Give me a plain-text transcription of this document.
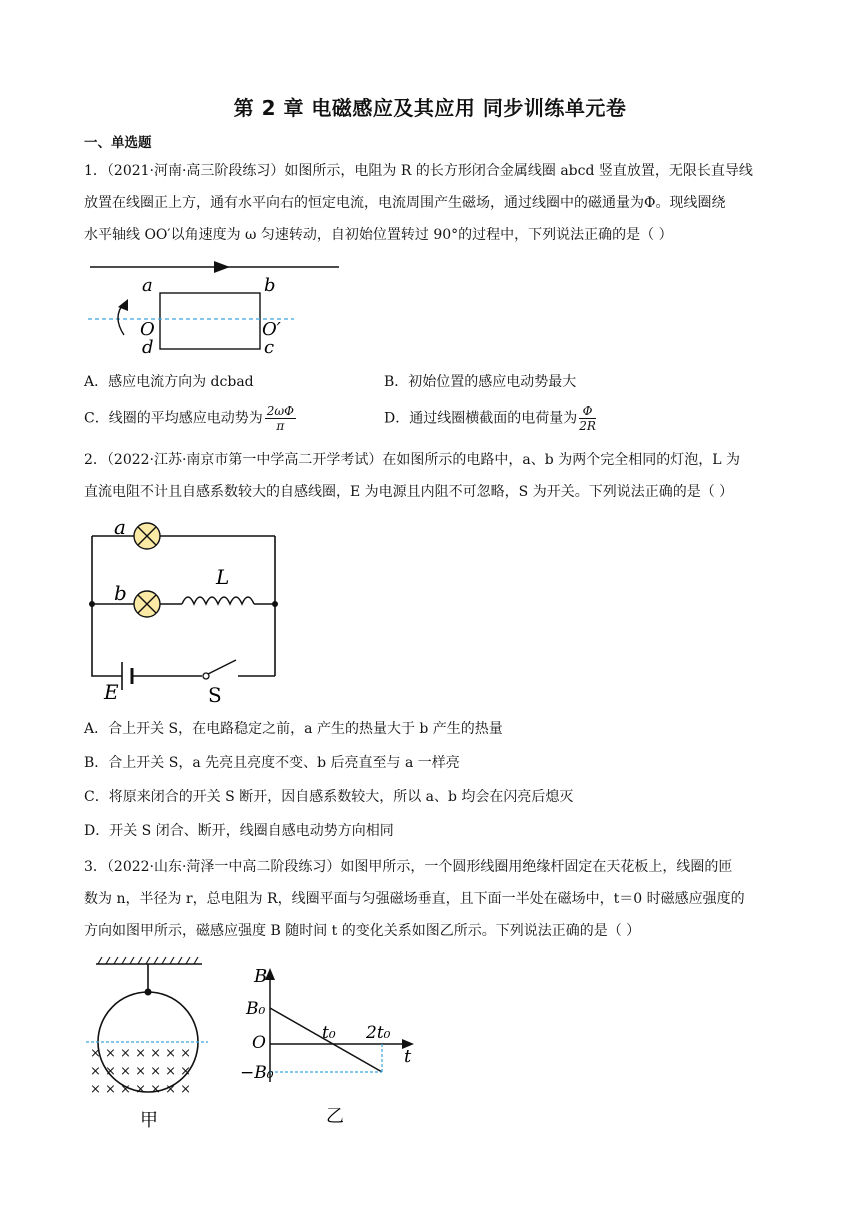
第 2 章 电磁感应及其应用 同步训练单元卷
一、单选题
1．（2021·河南·高三阶段练习）如图所示，电阻为 R 的长方形闭合金属线圈 abcd 竖直放置，无限长直导线
放置在线圈正上方，通有水平向右的恒定电流，电流周围产生磁场，通过线圈中的磁通量为Φ。现线圈绕
水平轴线 OO′以角速度为 ω 匀速转动，自初始位置转过 90°的过程中，下列说法正确的是（ ）
a	b
c
d
O	O′
A．感应电流方向为 dcbad	B．初始位置的感应电动势最大
C．线圈的平均感应电动势为 $\frac{2\omega\Phi}{\pi}$	D．通过线圈横截面的电荷量为 $\frac{\Phi}{2R}$
2．（2022·江苏·南京市第一中学高二开学考试）在如图所示的电路中，a、b 为两个完全相同的灯泡，L 为
直流电阻不计且自感系数较大的自感线圈，E 为电源且内阻不可忽略，S 为开关。下列说法正确的是（ ）
a
b
L
E	S
A．合上开关 S，在电路稳定之前，a 产生的热量大于 b 产生的热量
B．合上开关 S，a 先亮且亮度不变、b 后亮直至与 a 一样亮
C．将原来闭合的开关 S 断开，因自感系数较大，所以 a、b 均会在闪亮后熄灭
D．开关 S 闭合、断开，线圈自感电动势方向相同
3．（2022·山东·菏泽一中高二阶段练习）如图甲所示，一个圆形线圈用绝缘杆固定在天花板上，线圈的匝
数为 n，半径为 r，总电阻为 R，线圈平面与匀强磁场垂直，且下面一半处在磁场中，t＝0 时磁感应强度的
方向如图甲所示，磁感应强度 B 随时间 t 的变化关系如图乙所示。下列说法正确的是（ ）
× × × × × × ×
× × × × × × ×
× × × × × × ×
甲
B
B₀
O
−B₀
t₀ 2t₀
t
乙
